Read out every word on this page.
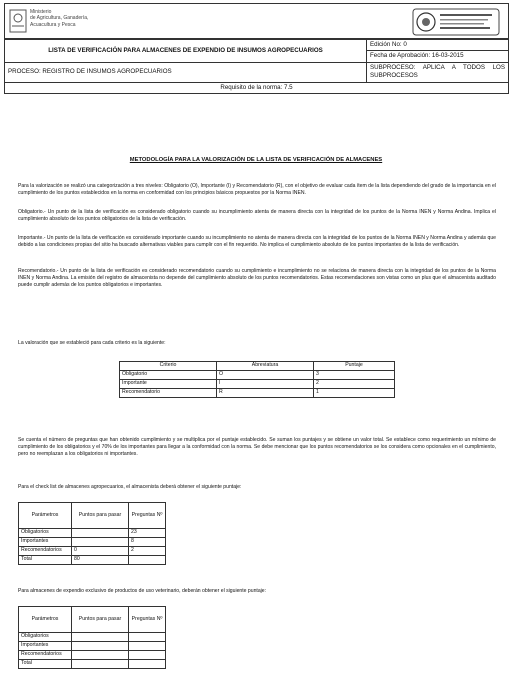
Ministerio
de Agricultura, Ganadería,
Acuacultura y Pesca
LISTA DE VERIFICACIÓN PARA ALMACENES DE EXPENDIO DE INSUMOS AGROPECUARIOS	Edición No: 0
Fecha de Aprobación: 16-03-2015

PROCESO: REGISTRO DE INSUMOS AGROPECUARIOS	SUBPROCESO: APLICA A TODOS LOS SUBPROCESOS
Requisito de la norma: 7.5	
METODOLOGÍA PARA LA VALORIZACIÓN DE LA LISTA DE VERIFICACIÓN DE ALMACENES
Para la valorización se realizó una categorización a tres niveles: Obligatorio (O), Importante (I) y Recomendatorio (R), con el objetivo de evaluar cada ítem de la lista dependiendo del grado de la importancia en el cumplimiento de los puntos establecidos en la norma en conformidad con los principios básicos propuestos por la Norma INEN.
Obligatorio.- Un punto de la lista de verificación es considerado obligatorio cuando su incumplimiento atenta de manera directa con la integridad de los puntos de la Norma INEN y Norma Andina. Implica el cumplimiento absoluto de los puntos obligatorios de la lista de verificación.
Importante.- Un punto de la lista de verificación es considerado importante cuando su incumplimiento no atenta de manera directa con la integridad de los puntos de la Norma INEN y Norma Andina y además que debido a las condiciones propias del sitio ha buscado alternativas viables para cumplir con el fin requerido. No implica el cumplimiento absoluto de los puntos importantes de la lista de verificación.
Recomendatorio.- Un punto de la lista de verificación es considerado recomendatorio cuando su cumplimiento e incumplimiento no se relaciona de manera directa con la integridad de los puntos de la Norma INEN y Norma Andina. La emisión del registro de almacenista no depende del cumplimiento absoluto de los puntos recomendatorios. Estas recomendaciones son vistas como un plus que el almacenista auditado puede cumplir además de los puntos obligatorios e importantes.
La valoración que se estableció para cada criterio es la siguiente:
Criterio	Abreviatura	Puntaje
Obligatorio	O	3
Importante	I	2
Recomendatorio	R	1
Se cuenta el número de preguntas que han obtenido cumplimiento y se multiplica por el puntaje establecido. Se suman los puntajes y se obtiene un valor total. Se establece como requerimiento un mínimo de cumplimiento de los obligatorios y el 70% de los importantes para llegar a la conformidad con la norma. Se debe mencionar que los puntos recomendatorios se los considera como opcionales en el cumplimiento, pero no reemplazan a los obligatorios ni importantes.
Para el check list de almacenes agropecuarios, el almacenista deberá obtener el siguiente puntaje:
Parámetros	Puntos para pasar	Preguntas Nº
Obligatorios		23
Importantes		8
Recomendatorios	0	2
Total	80	
Para almacenes de expendio exclusivo de productos de uso veterinario, deberán obtener el siguiente puntaje:
Parámetros	Puntos para pasar	Preguntas Nº
Obligatorios		
Importantes		
Recomendatorios		
Total		
